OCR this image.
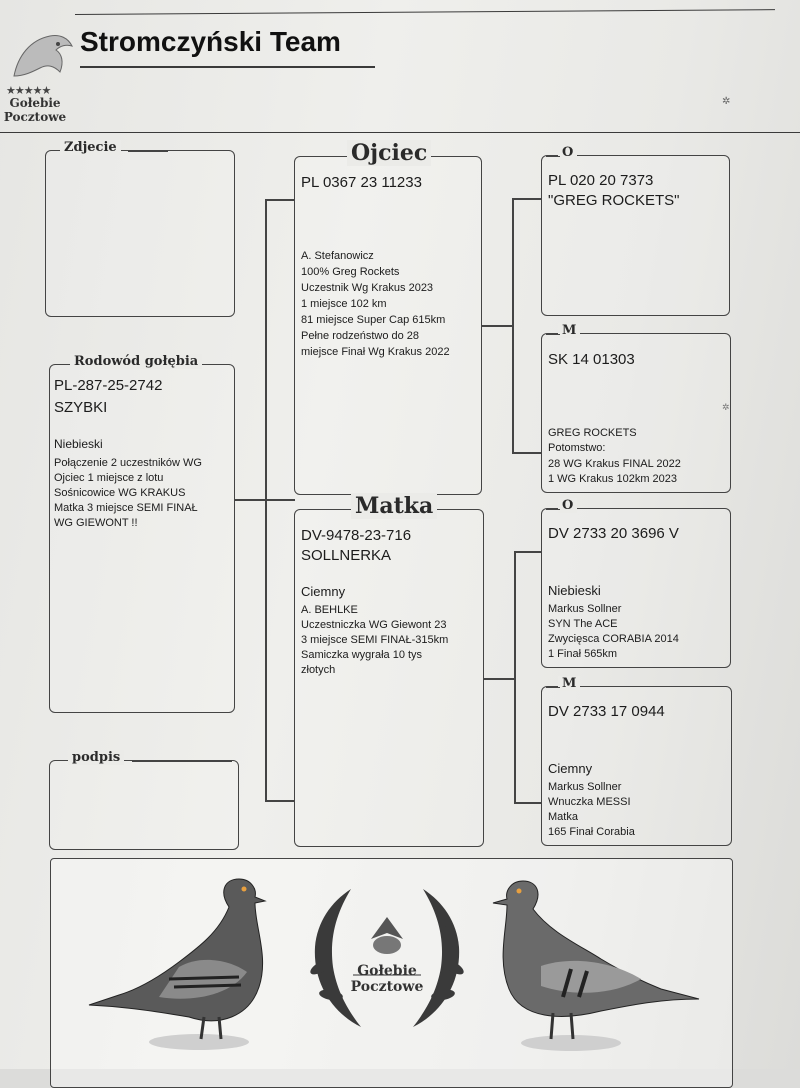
★★★★★
Gołebie
Pocztowe
Stromczyński Team
✲
Zdjecie
Rodowód gołębia
PL-287-25-2742
SZYBKI
Niebieski
Połączenie 2 uczestników WG
Ojciec 1 miejsce z lotu
Sośnicowice WG KRAKUS
Matka 3 miejsce SEMI FINAŁ
WG GIEWONT !!
podpis
Ojciec
PL 0367 23 11233
A. Stefanowicz
100% Greg Rockets
Uczestnik Wg Krakus 2023
1 miejsce 102 km
81 miejsce Super Cap 615km
Pełne rodzeństwo do 28
miejsce Finał Wg Krakus 2022
Matka
DV-9478-23-716
SOLLNERKA
Ciemny
A. BEHLKE
Uczestniczka WG Giewont 23
3 miejsce SEMI FINAŁ-315km
Samiczka wygrała 10 tys
złotych
O
PL 020 20 7373
"GREG ROCKETS"
M
SK 14 01303
GREG ROCKETS
Potomstwo:
28 WG Krakus FINAL 2022
1 WG Krakus 102km 2023
O
DV 2733 20 3696 V
Niebieski
Markus Sollner
SYN The ACE
Zwycięsca CORABIA 2014
1 Finał 565km
M
DV 2733 17 0944
Ciemny
Markus Sollner
Wnuczka MESSI
Matka
165 Finał Corabia
✲
Gołebie
Pocztowe
